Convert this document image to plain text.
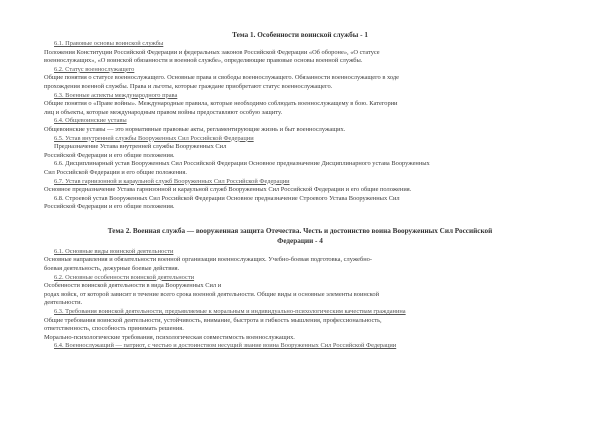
Тема 1. Особенности воинской службы - 1
6.1. Правовые основы воинской службы
Положения Конституции Российской Федерации и федеральных законов Российской Федерации «Об обороне», «О статусе
военнослужащих», «О воинской обязанности и военной службе», определяющие правовые основы военной службы.
6.2. Статус военнослужащего
Общие понятия о статусе военнослужащего. Основные права и свободы военнослужащего. Обязанности военнослужащего в ходе
прохождения военной службы. Права и льготы, которые граждане приобретают статус военнослужащего.
6.3. Военные аспекты международного права
Общие понятия о «Праве войны». Международные правила, которые необходимо соблюдать военнослужащему в бою. Категории
лиц и объекты, которые международным правом войны предоставляют особую защиту.
6.4. Общевоинские уставы
Общевоинские уставы — это нормативные правовые акты, регламентирующие жизнь и быт военнослужащих.
6.5. Устав внутренней службы Вооруженных Сил Российской Федерации
Предназначение Устава внутренней службы Вооруженных Сил
Российской Федерации и его общие положения.
6.6. Дисциплинарный устав Вооруженных Сил Российской Федерации Основное предназначение Дисциплинарного устава Вооруженных
Сил Российской Федерации и его общие положения.
6.7. Устав гарнизонной и караульной служб Вооруженных Сил Российской Федерации
Основное предназначение Устава гарнизонной и караульной служб Вооруженных Сил Российской Федерации и его общие положения.
6.8. Строевой устав Вооруженных Сил Российской Федерации Основное предназначение Строевого Устава Вооруженных Сил
Российской Федерации и его общие положения.
Тема 2. Военная служба — вооруженная защита Отечества. Честь и достоинство воина Вооруженных Сил Российской
Федерации - 4
6.1. Основные виды воинской деятельности
Основные направления и обязательности военной организации военнослужащих. Учебно-боевая подготовка, служебно-
боевая деятельность, дежурные боевые действия.
6.2. Основные особенности воинской деятельности
Особенности воинской деятельности в вида Вооруженных Сил и
родах войск, от которой зависит в течение всего срока военной деятельности. Общие виды и основные элементы воинской
деятельности.
6.3. Требования воинской деятельности, предъявляемые к моральным и индивидуально-психологическим качествам гражданина
Общие требования воинской деятельности, устойчивость, внимание, быстрота и гибкость мышления, профессиональность,
ответственность, способность принимать решения.
Морально-психологические требования, психологическая совместимость военнослужащих.
6.4. Военнослужащий — патриот, с честью и достоинством несущий звание воина Вооруженных Сил Российской Федерации
